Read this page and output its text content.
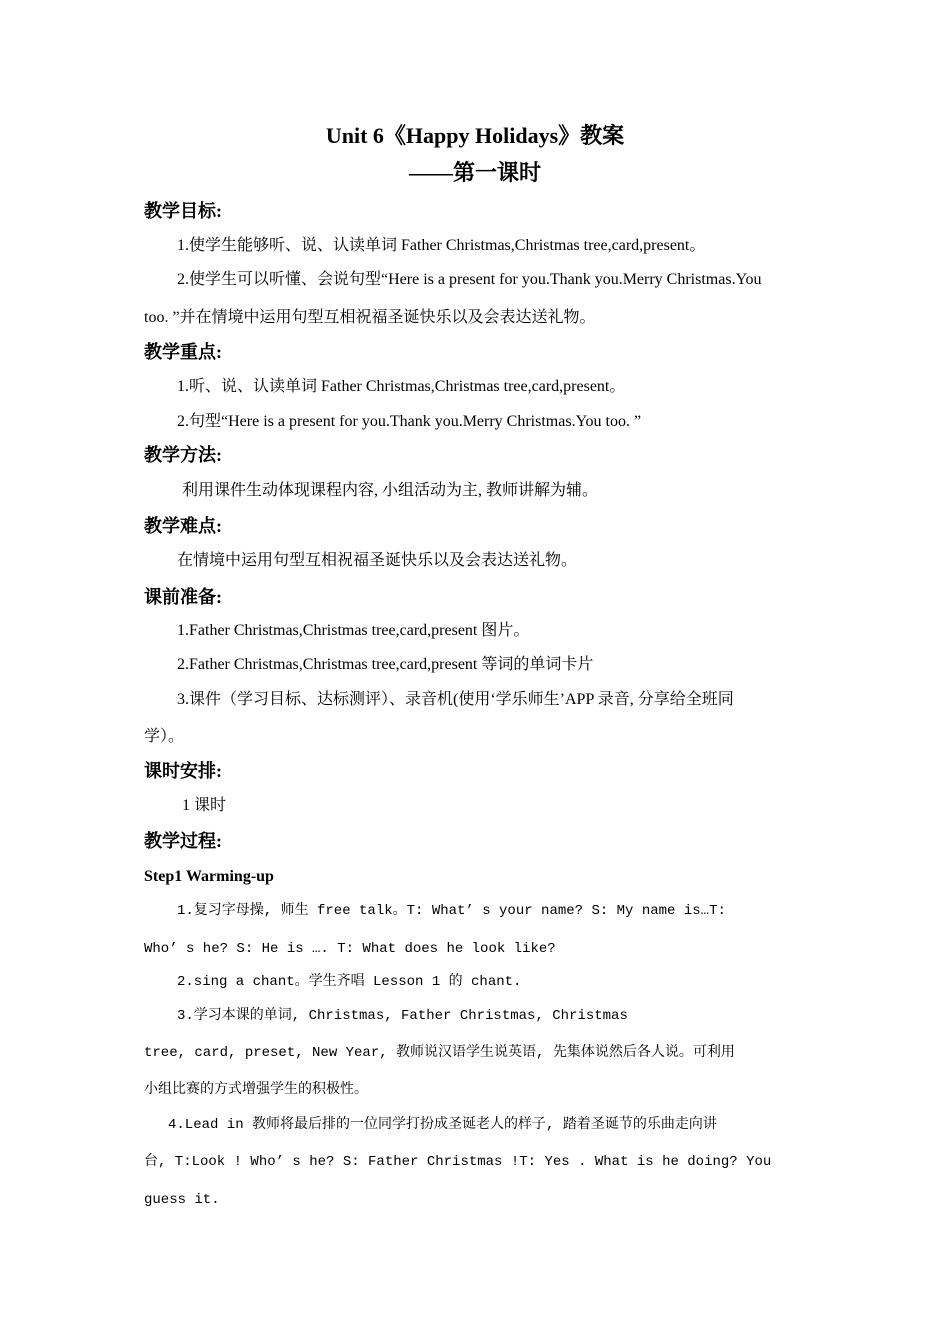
Unit 6《Happy Holidays》教案
——第一课时
教学目标:
1.使学生能够听、说、认读单词 Father Christmas,Christmas tree,card,present。
2.使学生可以听懂、会说句型“Here is a present for you.Thank you.Merry Christmas.You
too. ”并在情境中运用句型互相祝福圣诞快乐以及会表达送礼物。
教学重点:
1.听、说、认读单词 Father Christmas,Christmas tree,card,present。
2.句型“Here is a present for you.Thank you.Merry Christmas.You too. ”
教学方法:
利用课件生动体现课程内容, 小组活动为主, 教师讲解为辅。
教学难点:
在情境中运用句型互相祝福圣诞快乐以及会表达送礼物。
课前准备:
1.Father Christmas,Christmas tree,card,present 图片。
2.Father Christmas,Christmas tree,card,present 等词的单词卡片
3.课件（学习目标、达标测评）、录音机(使用‘学乐师生’APP 录音, 分享给全班同
学）。
课时安排:
1 课时
教学过程:
Step1 Warming-up
1.复习字母操, 师生 free talk。T: What’ s your name? S: My name is…T:
Who’ s he? S: He is …. T: What does he look like?
2.sing a chant。学生齐唱 Lesson 1 的 chant.
3.学习本课的单词, Christmas, Father Christmas, Christmas
tree, card, preset, New Year, 教师说汉语学生说英语, 先集体说然后各人说。可利用
小组比赛的方式增强学生的积极性。
4.Lead in 教师将最后排的一位同学打扮成圣诞老人的样子, 踏着圣诞节的乐曲走向讲
台, T:Look ! Who’ s he? S: Father Christmas !T: Yes . What is he doing? You
guess it.
